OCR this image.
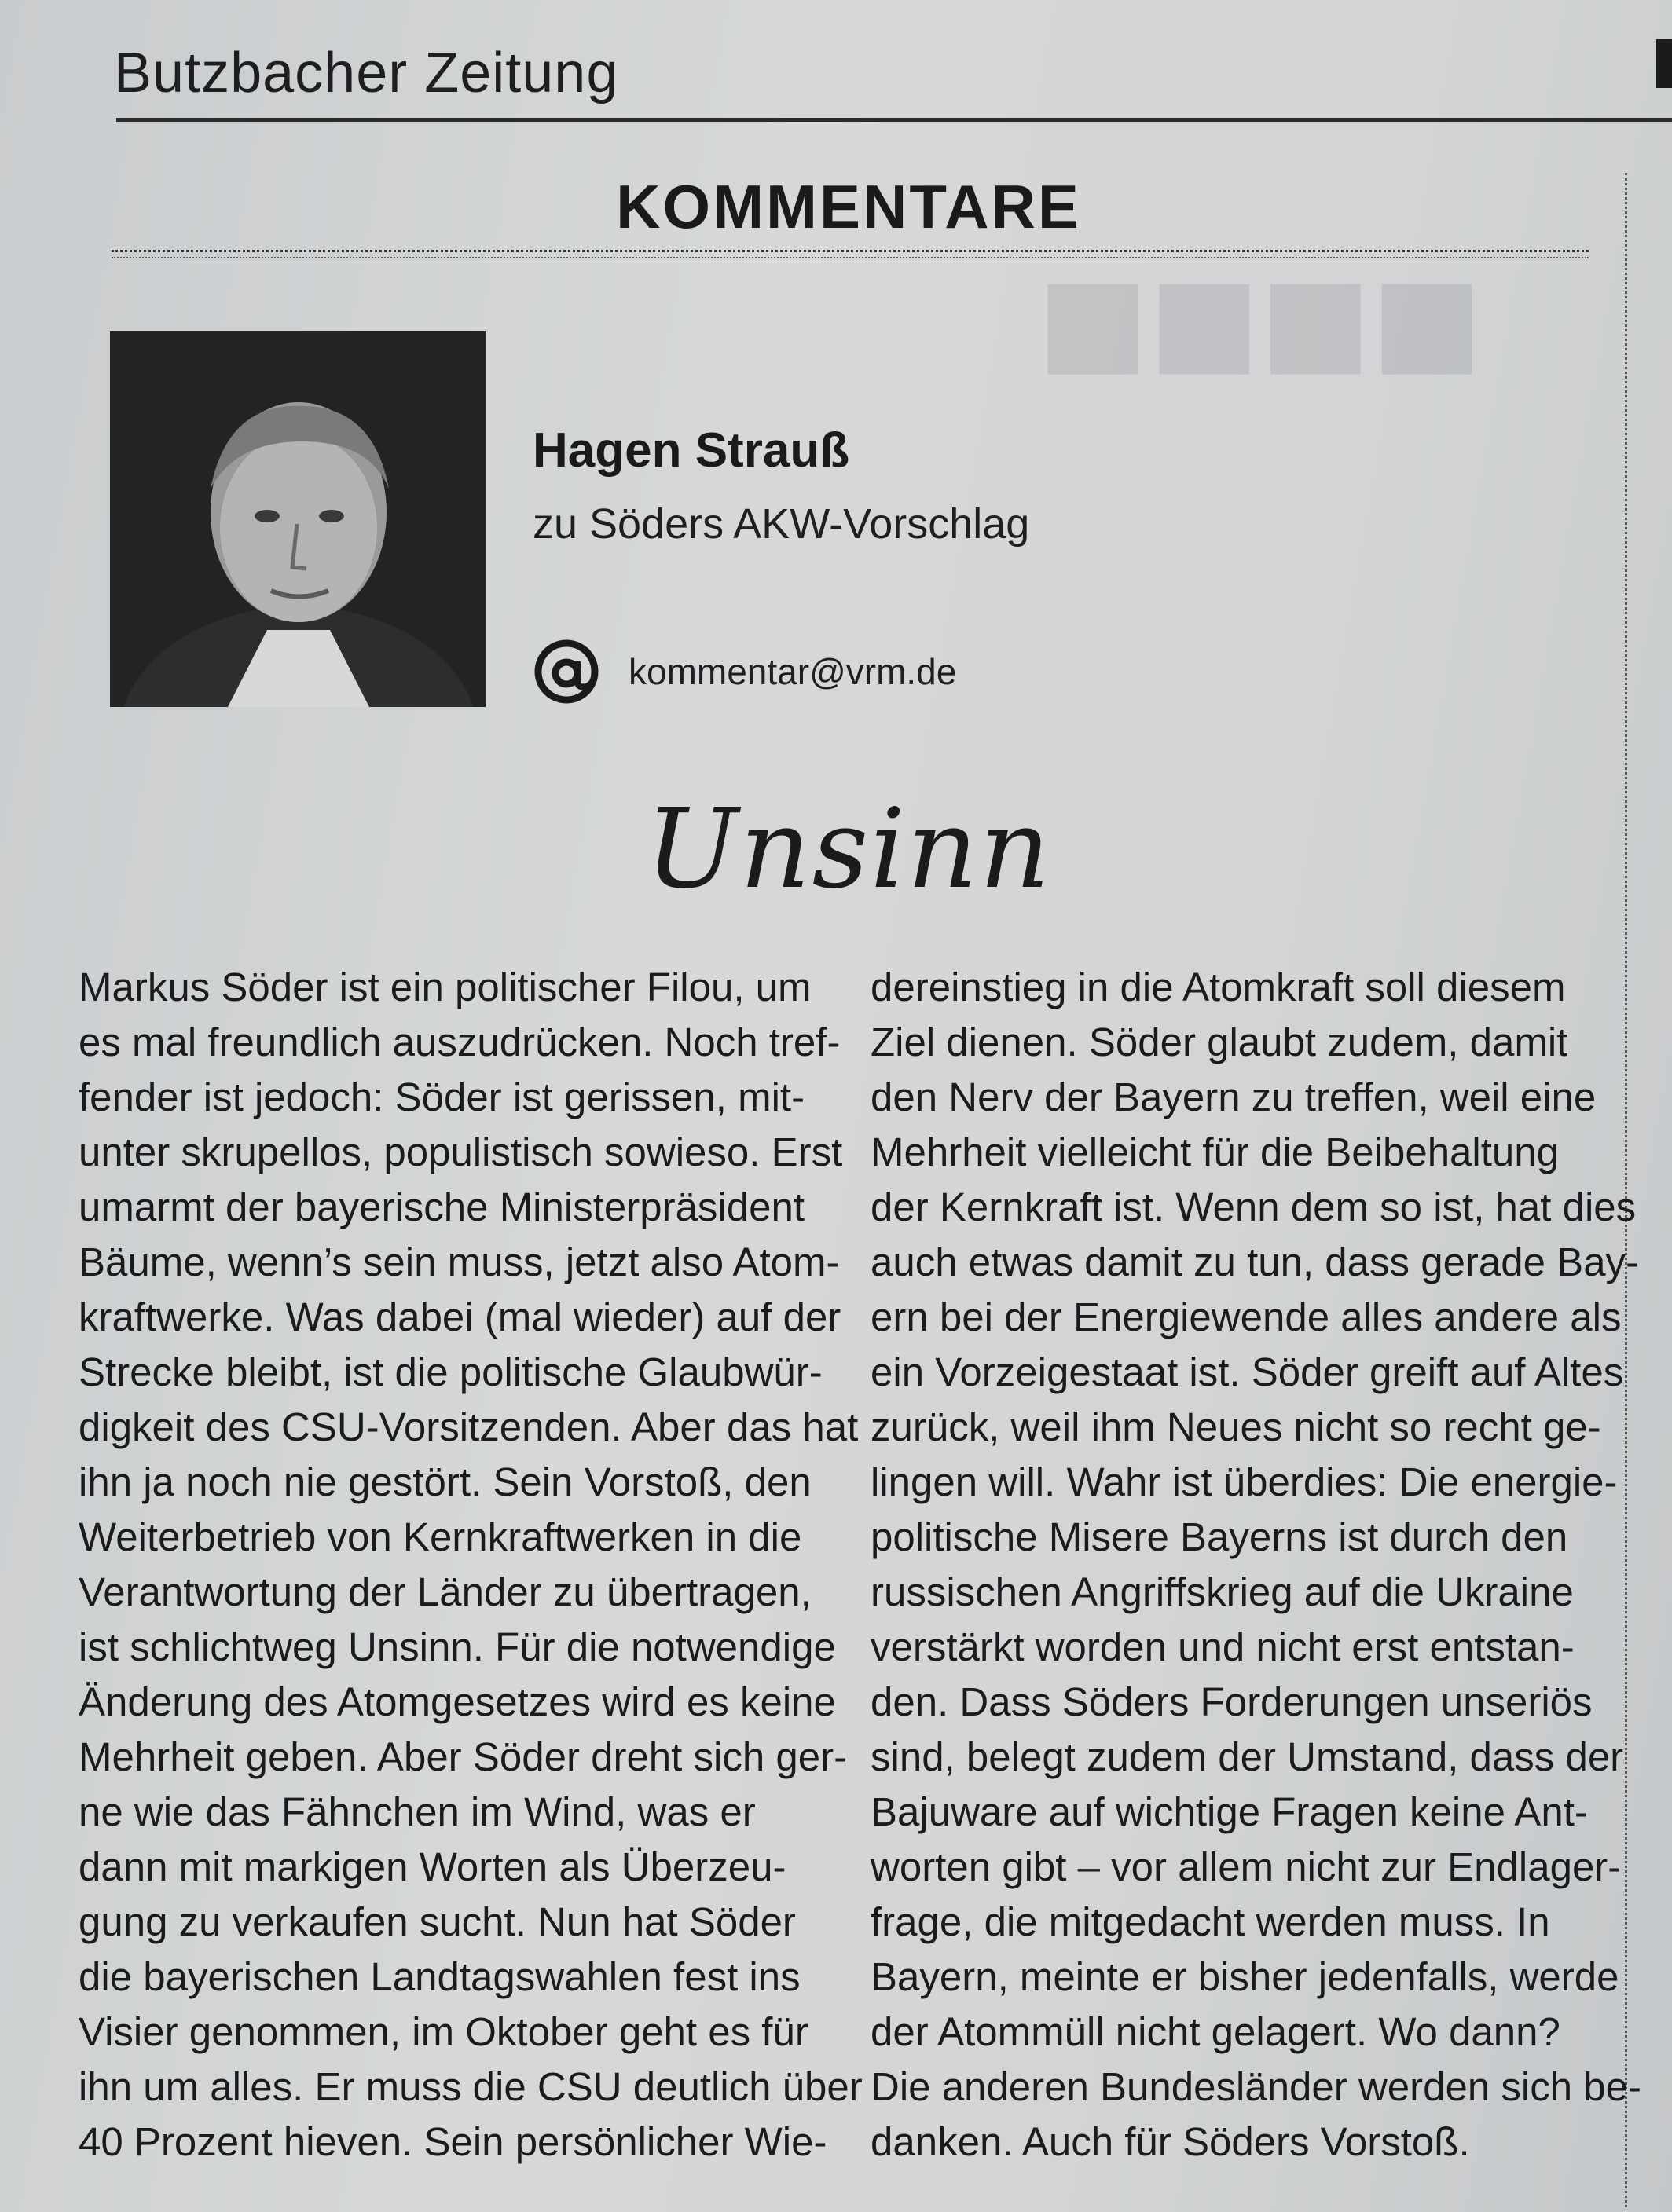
■■■■
Butzbacher Zeitung
KOMMENTARE
Hagen Strauß
zu Söders AKW-Vorschlag
kommentar@vrm.de
Unsinn
Markus Söder ist ein politischer Filou, um
es mal freundlich auszudrücken. Noch tref-
fender ist jedoch: Söder ist gerissen, mit-
unter skrupellos, populistisch sowieso. Erst
umarmt der bayerische Ministerpräsident
Bäume, wenn’s sein muss, jetzt also Atom-
kraftwerke. Was dabei (mal wieder) auf der
Strecke bleibt, ist die politische Glaubwür-
digkeit des CSU-Vorsitzenden. Aber das hat
ihn ja noch nie gestört. Sein Vorstoß, den
Weiterbetrieb von Kernkraftwerken in die
Verantwortung der Länder zu übertragen,
ist schlichtweg Unsinn. Für die notwendige
Änderung des Atomgesetzes wird es keine
Mehrheit geben. Aber Söder dreht sich ger-
ne wie das Fähnchen im Wind, was er
dann mit markigen Worten als Überzeu-
gung zu verkaufen sucht. Nun hat Söder
die bayerischen Landtagswahlen fest ins
Visier genommen, im Oktober geht es für
ihn um alles. Er muss die CSU deutlich über
40 Prozent hieven. Sein persönlicher Wie-
dereinstieg in die Atomkraft soll diesem
Ziel dienen. Söder glaubt zudem, damit
den Nerv der Bayern zu treffen, weil eine
Mehrheit vielleicht für die Beibehaltung
der Kernkraft ist. Wenn dem so ist, hat dies
auch etwas damit zu tun, dass gerade Bay-
ern bei der Energiewende alles andere als
ein Vorzeigestaat ist. Söder greift auf Altes
zurück, weil ihm Neues nicht so recht ge-
lingen will. Wahr ist überdies: Die energie-
politische Misere Bayerns ist durch den
russischen Angriffskrieg auf die Ukraine
verstärkt worden und nicht erst entstan-
den. Dass Söders Forderungen unseriös
sind, belegt zudem der Umstand, dass der
Bajuware auf wichtige Fragen keine Ant-
worten gibt – vor allem nicht zur Endlager-
frage, die mitgedacht werden muss. In
Bayern, meinte er bisher jedenfalls, werde
der Atommüll nicht gelagert. Wo dann?
Die anderen Bundesländer werden sich be-
danken. Auch für Söders Vorstoß.
